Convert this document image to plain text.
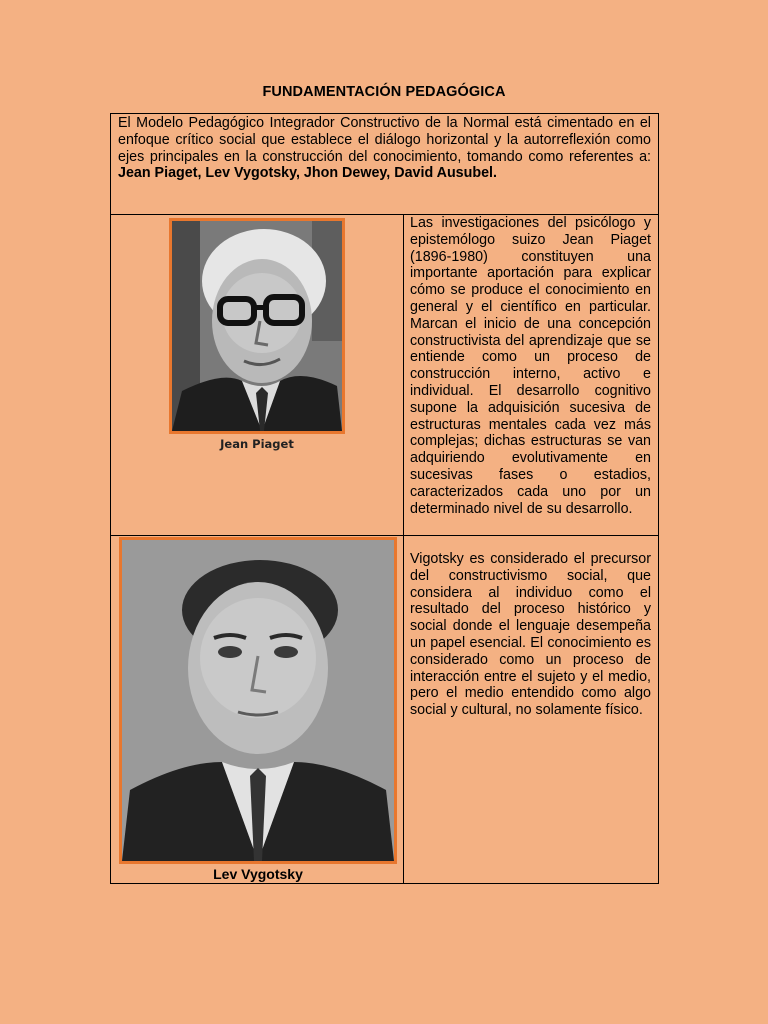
FUNDAMENTACIÓN PEDAGÓGICA
El Modelo Pedagógico Integrador Constructivo de la Normal está cimentado en el enfoque crítico social que establece el diálogo horizontal y la autorreflexión como ejes principales en la construcción del conocimiento, tomando como referentes a: Jean Piaget, Lev Vygotsky, Jhon Dewey, David Ausubel.
Jean Piaget
Las investigaciones del psicólogo y epistemólogo suizo Jean Piaget (1896-1980) constituyen una importante aportación para explicar cómo se produce el conocimiento en general y el científico en particular. Marcan el inicio de una concepción constructivista del aprendizaje que se entiende como un proceso de construcción interno, activo e individual. El desarrollo cognitivo supone la adquisición sucesiva de estructuras mentales cada vez más complejas; dichas estructuras se van adquiriendo evolutivamente en sucesivas fases o estadios, caracterizados cada uno por un determinado nivel de su desarrollo.
Lev Vygotsky
Vigotsky es considerado el precursor del constructivismo social, que considera al individuo como el resultado del proceso histórico y social donde el lenguaje desempeña un papel esencial. El conocimiento es considerado como un proceso de interacción entre el sujeto y el medio, pero el medio entendido como algo social y cultural, no solamente físico.
